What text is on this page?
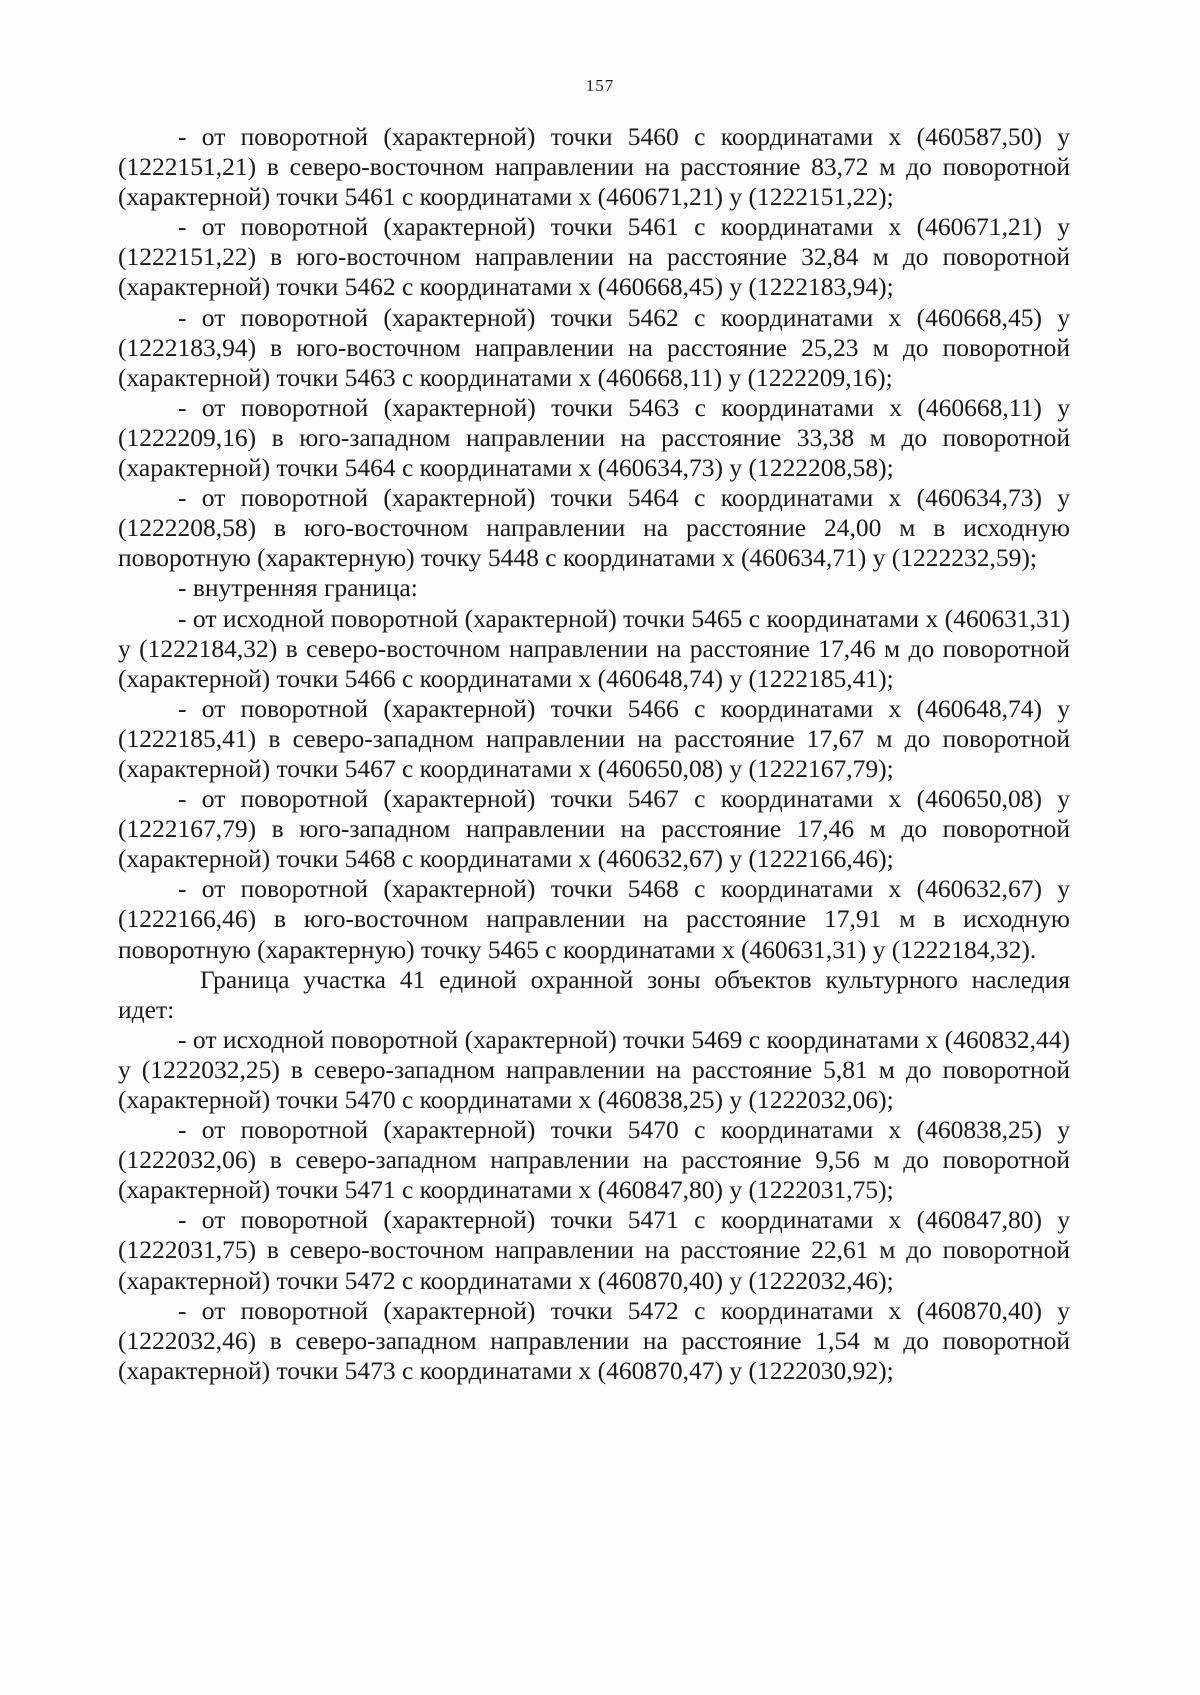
157

- от поворотной (характерной) точки 5460 с координатами x (460587,50) y (1222151,21) в северо-восточном направлении на расстояние 83,72 м до поворотной (характерной) точки 5461 с координатами x (460671,21) y (1222151,22);

- от поворотной (характерной) точки 5461 с координатами x (460671,21) y (1222151,22) в юго-восточном направлении на расстояние 32,84 м до поворотной (характерной) точки 5462 с координатами x (460668,45) y (1222183,94);

- от поворотной (характерной) точки 5462 с координатами x (460668,45) y (1222183,94) в юго-восточном направлении на расстояние 25,23 м до поворотной (характерной) точки 5463 с координатами x (460668,11) y (1222209,16);

- от поворотной (характерной) точки 5463 с координатами x (460668,11) y (1222209,16) в юго-западном направлении на расстояние 33,38 м до поворотной (характерной) точки 5464 с координатами x (460634,73) y (1222208,58);

- от поворотной (характерной) точки 5464 с координатами x (460634,73) y (1222208,58) в юго-восточном направлении на расстояние 24,00 м в исходную поворотную (характерную) точку 5448 с координатами x (460634,71) y (1222232,59);

- внутренняя граница:

- от исходной поворотной (характерной) точки 5465 с координатами x (460631,31) y (1222184,32) в северо-восточном направлении на расстояние 17,46 м до поворотной (характерной) точки 5466 с координатами x (460648,74) y (1222185,41);

- от поворотной (характерной) точки 5466 с координатами x (460648,74) y (1222185,41) в северо-западном направлении на расстояние 17,67 м до поворотной (характерной) точки 5467 с координатами x (460650,08) y (1222167,79);

- от поворотной (характерной) точки 5467 с координатами x (460650,08) y (1222167,79) в юго-западном направлении на расстояние 17,46 м до поворотной (характерной) точки 5468 с координатами x (460632,67) y (1222166,46);

- от поворотной (характерной) точки 5468 с координатами x (460632,67) y (1222166,46) в юго-восточном направлении на расстояние 17,91 м в исходную поворотную (характерную) точку 5465 с координатами x (460631,31) y (1222184,32).

Граница участка 41 единой охранной зоны объектов культурного наследия идет:

- от исходной поворотной (характерной) точки 5469 с координатами x (460832,44) y (1222032,25) в северо-западном направлении на расстояние 5,81 м до поворотной (характерной) точки 5470 с координатами x (460838,25) y (1222032,06);

- от поворотной (характерной) точки 5470 с координатами x (460838,25) y (1222032,06) в северо-западном направлении на расстояние 9,56 м до поворотной (характерной) точки 5471 с координатами x (460847,80) y (1222031,75);

- от поворотной (характерной) точки 5471 с координатами x (460847,80) y (1222031,75) в северо-восточном направлении на расстояние 22,61 м до поворотной (характерной) точки 5472 с координатами x (460870,40) y (1222032,46);

- от поворотной (характерной) точки 5472 с координатами x (460870,40) y (1222032,46) в северо-западном направлении на расстояние 1,54 м до поворотной (характерной) точки 5473 с координатами x (460870,47) y (1222030,92);
